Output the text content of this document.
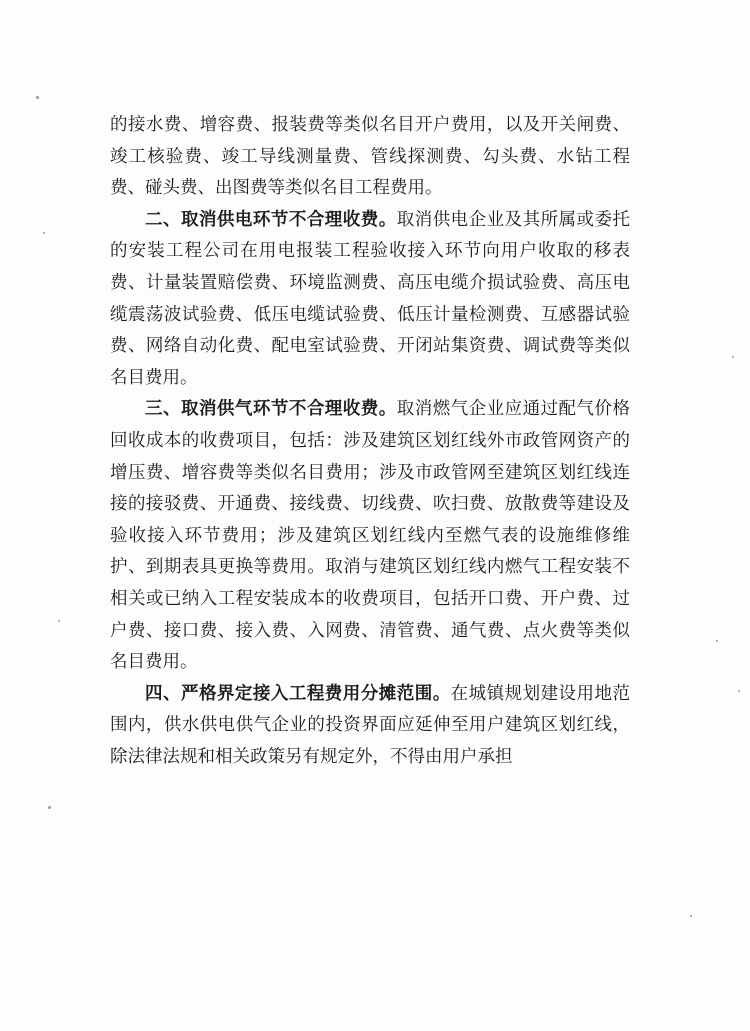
的接水费、增容费、报装费等类似名目开户费用，以及开关闸费、竣工核验费、竣工导线测量费、管线探测费、勾头费、水钻工程费、碰头费、出图费等类似名目工程费用。

二、取消供电环节不合理收费。取消供电企业及其所属或委托的安装工程公司在用电报装工程验收接入环节向用户收取的移表费、计量装置赔偿费、环境监测费、高压电缆介损试验费、高压电缆震荡波试验费、低压电缆试验费、低压计量检测费、互感器试验费、网络自动化费、配电室试验费、开闭站集资费、调试费等类似名目费用。

三、取消供气环节不合理收费。取消燃气企业应通过配气价格回收成本的收费项目，包括：涉及建筑区划红线外市政管网资产的增压费、增容费等类似名目费用；涉及市政管网至建筑区划红线连接的接驳费、开通费、接线费、切线费、吹扫费、放散费等建设及验收接入环节费用；涉及建筑区划红线内至燃气表的设施维修维护、到期表具更换等费用。取消与建筑区划红线内燃气工程安装不相关或已纳入工程安装成本的收费项目，包括开口费、开户费、过户费、接口费、接入费、入网费、清管费、通气费、点火费等类似名目费用。

四、严格界定接入工程费用分摊范围。在城镇规划建设用地范围内，供水供电供气企业的投资界面应延伸至用户建筑区划红线，除法律法规和相关政策另有规定外，不得由用户承担
